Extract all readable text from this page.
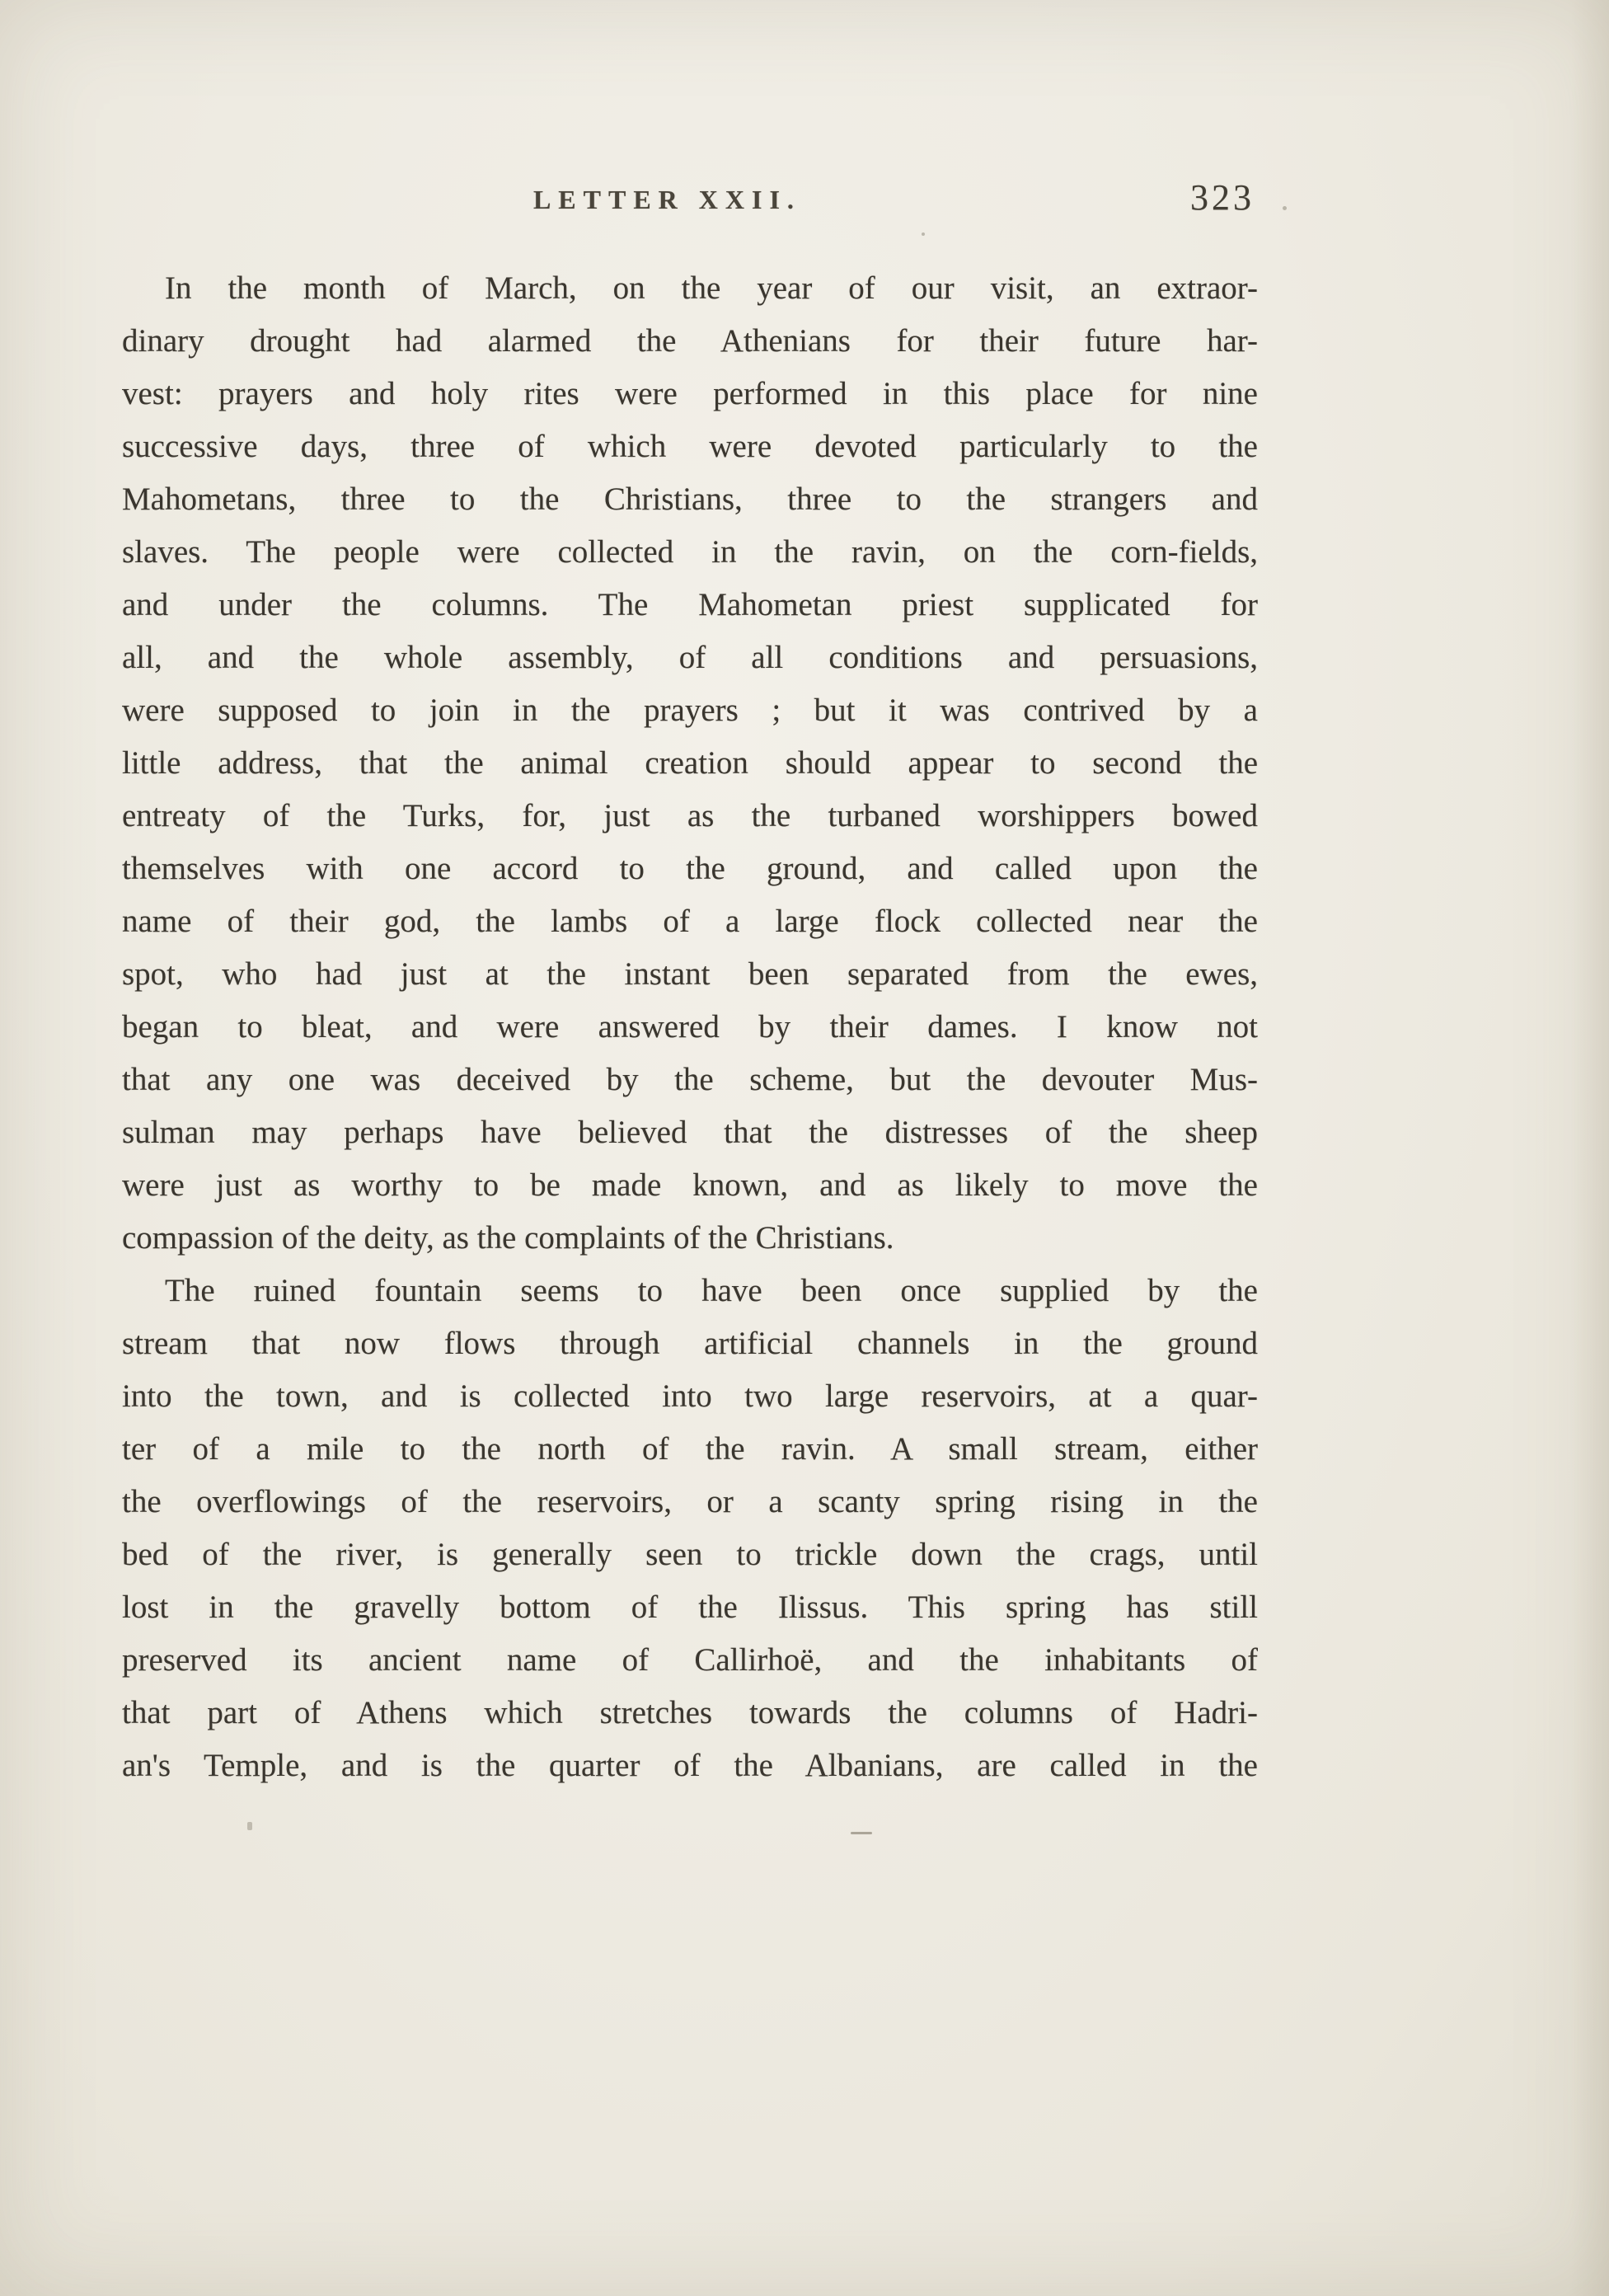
LETTER XXII.	323
In the month of March, on the year of our visit, an extraor-
dinary drought had alarmed the Athenians for their future har-
vest: prayers and holy rites were performed in this place for nine
successive days, three of which were devoted particularly to the
Mahometans, three to the Christians, three to the strangers and
slaves. The people were collected in the ravin, on the corn-fields,
and under the columns. The Mahometan priest supplicated for
all, and the whole assembly, of all conditions and persuasions,
were supposed to join in the prayers ; but it was contrived by a
little address, that the animal creation should appear to second the
entreaty of the Turks, for, just as the turbaned worshippers bowed
themselves with one accord to the ground, and called upon the
name of their god, the lambs of a large flock collected near the
spot, who had just at the instant been separated from the ewes,
began to bleat, and were answered by their dames. I know not
that any one was deceived by the scheme, but the devouter Mus-
sulman may perhaps have believed that the distresses of the sheep
were just as worthy to be made known, and as likely to move the
compassion of the deity, as the complaints of the Christians.
The ruined fountain seems to have been once supplied by the
stream that now flows through artificial channels in the ground
into the town, and is collected into two large reservoirs, at a quar-
ter of a mile to the north of the ravin. A small stream, either
the overflowings of the reservoirs, or a scanty spring rising in the
bed of the river, is generally seen to trickle down the crags, until
lost in the gravelly bottom of the Ilissus. This spring has still
preserved its ancient name of Callirhoë, and the inhabitants of
that part of Athens which stretches towards the columns of Hadri-
an's Temple, and is the quarter of the Albanians, are called in the
